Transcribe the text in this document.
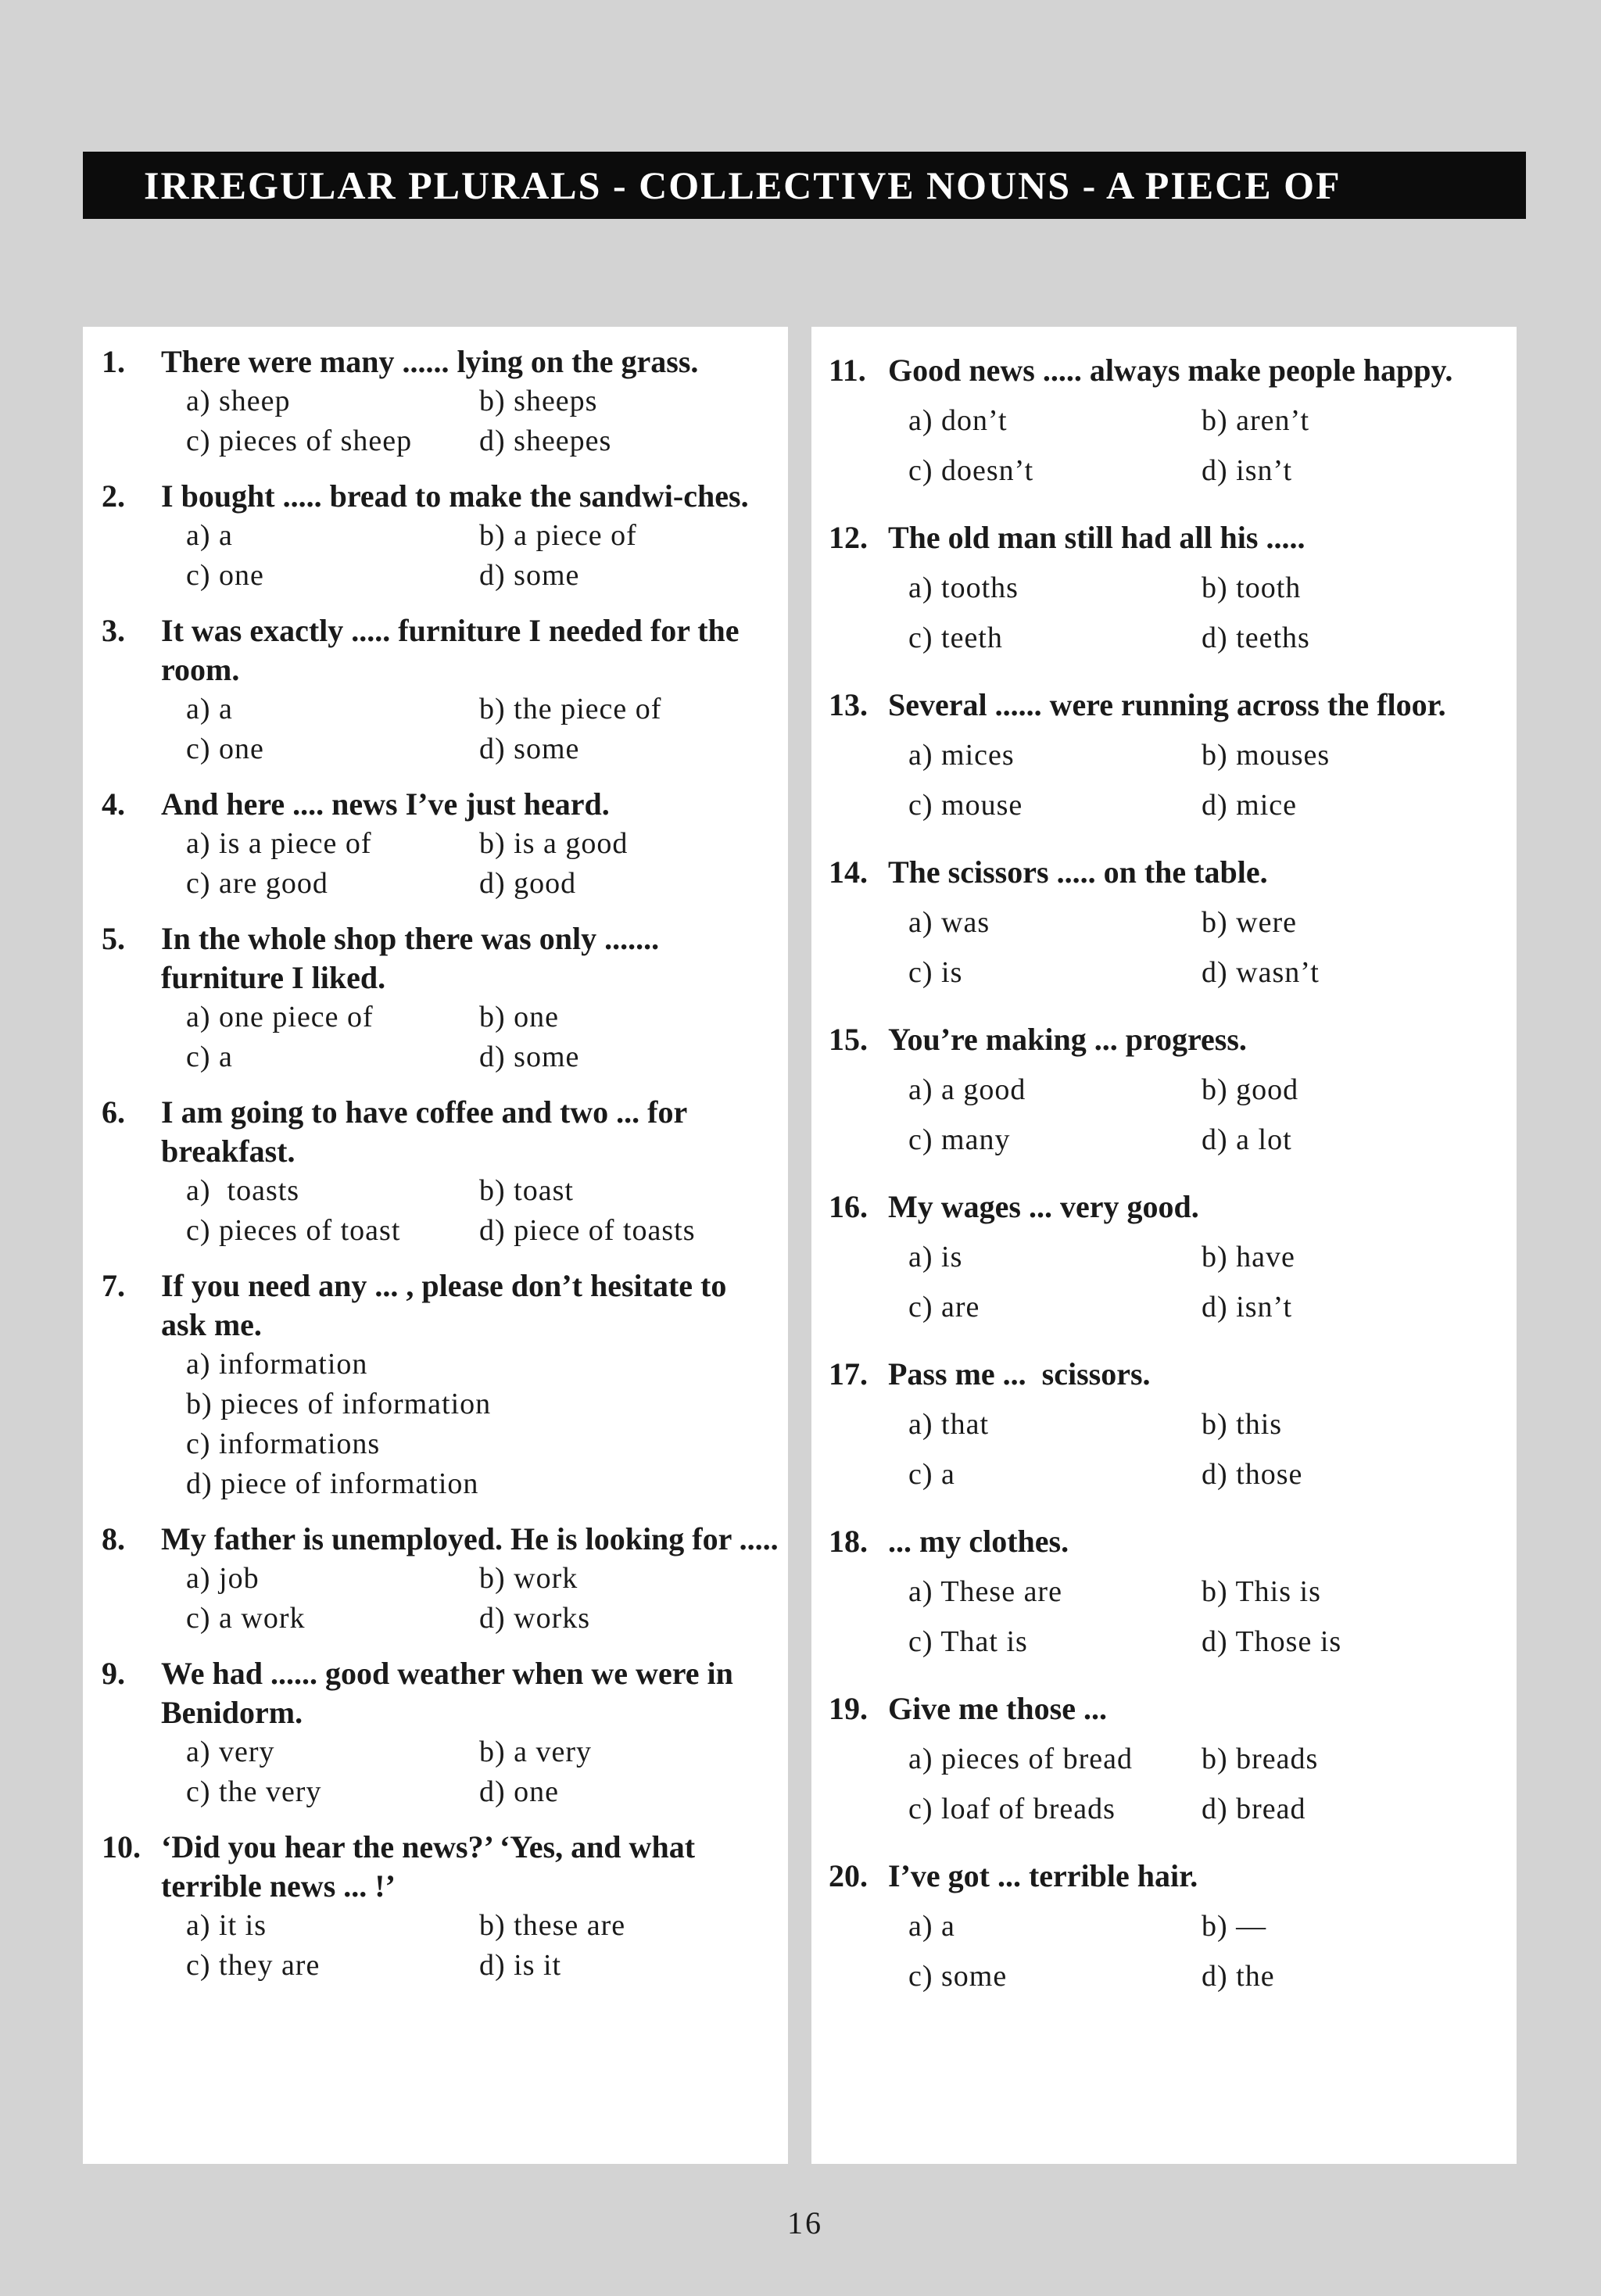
IRREGULAR PLURALS - COLLECTIVE NOUNS - A PIECE OF
1.	There were many ...... lying on the grass.
a) sheep	b) sheeps
c) pieces of sheep	d) sheepes
2.	I bought ..... bread to make the sandwi-ches.
a) a	b) a piece of
c) one	d) some
3.	It was exactly ..... furniture I needed for the room.
a) a	b) the piece of
c) one	d) some
4.	And here .... news I’ve just heard.
a) is a piece of	b) is a good
c) are good	d) good
5.	In the whole shop there was only ....... furniture I liked.
a) one piece of	b) one
c) a	d) some
6.	I am going to have coffee and two ... for breakfast.
a)  toasts	b) toast
c) pieces of toast	d) piece of toasts
7.	If you need any ... , please don’t hesitate to ask me.
a) information
b) pieces of information
c) informations
d) piece of information
8.	My father is unemployed. He is looking for .....
a) job	b) work
c) a work	d) works
9.	We had ...... good weather when we were in Benidorm.
a) very	b) a very
c) the very	d) one
10. ‘Did you hear the news?’ ‘Yes, and what terrible news ... !’
a) it is	b) these are
c) they are	d) is it
11. Good news ..... always make people happy.
a) don’t	b) aren’t
c) doesn’t	d) isn’t
12. The old man still had all his .....
a) tooths	b) tooth
c) teeth	d) teeths
13. Several ...... were running across the floor.
a) mices	b) mouses
c) mouse	d) mice
14. The scissors ..... on the table.
a) was	b) were
c) is	d) wasn’t
15. You’re making ... progress.
a) a good	b) good
c) many	d) a lot
16. My wages ... very good.
a) is	b) have
c) are	d) isn’t
17. Pass me ...  scissors.
a) that	b) this
c) a	d) those
18. ... my clothes.
a) These are	b) This is
c) That is	d) Those is
19. Give me those ...
a) pieces of bread	b) breads
c) loaf of breads	d) bread
20. I’ve got ... terrible hair.
a) a	b) —
c) some	d) the
16
